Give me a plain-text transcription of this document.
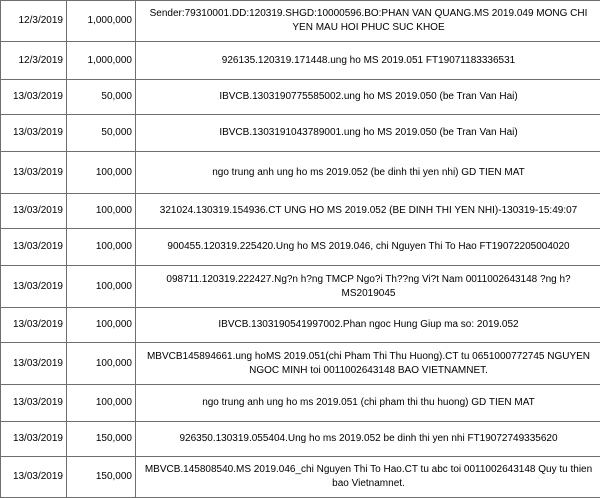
12/3/2019	1,000,000	Sender:79310001.DD:120319.SHGD:10000596.BO:PHAN VAN QUANG.MS 2019.049 MONG CHI YEN MAU HOI PHUC SUC KHOE
12/3/2019	1,000,000	926135.120319.171448.ung ho MS 2019.051 FT19071183336531
13/03/2019	50,000	IBVCB.1303190775585002.ung ho MS 2019.050 (be Tran Van Hai)
13/03/2019	50,000	IBVCB.1303191043789001.ung ho MS 2019.050 (be Tran Van Hai)
13/03/2019	100,000	ngo trung anh ung ho ms 2019.052 (be dinh thi yen nhi) GD TIEN MAT
13/03/2019	100,000	321024.130319.154936.CT UNG HO MS 2019.052 (BE DINH THI YEN NHI)-130319-15:49:07
13/03/2019	100,000	900455.120319.225420.Ung ho MS 2019.046, chi Nguyen Thi To Hao FT19072205004020
13/03/2019	100,000	098711.120319.222427.Ng?n h?ng TMCP Ngo?i Th??ng Vi?t Nam 0011002643148 ?ng h? MS2019045
13/03/2019	100,000	IBVCB.1303190541997002.Phan ngoc Hung Giup ma so: 2019.052
13/03/2019	100,000	MBVCB145894661.ung hoMS 2019.051(chi Pham Thi Thu Huong).CT tu 0651000772745 NGUYEN NGOC MINH toi 0011002643148 BAO VIETNAMNET.
13/03/2019	100,000	ngo trung anh ung ho ms 2019.051 (chi pham thi thu huong) GD TIEN MAT
13/03/2019	150,000	926350.130319.055404.Ung ho ms 2019.052 be dinh thi yen nhi FT19072749335620
13/03/2019	150,000	MBVCB.145808540.MS 2019.046_chi Nguyen Thi To Hao.CT tu abc toi 0011002643148 Quy tu thien bao Vietnamnet.
